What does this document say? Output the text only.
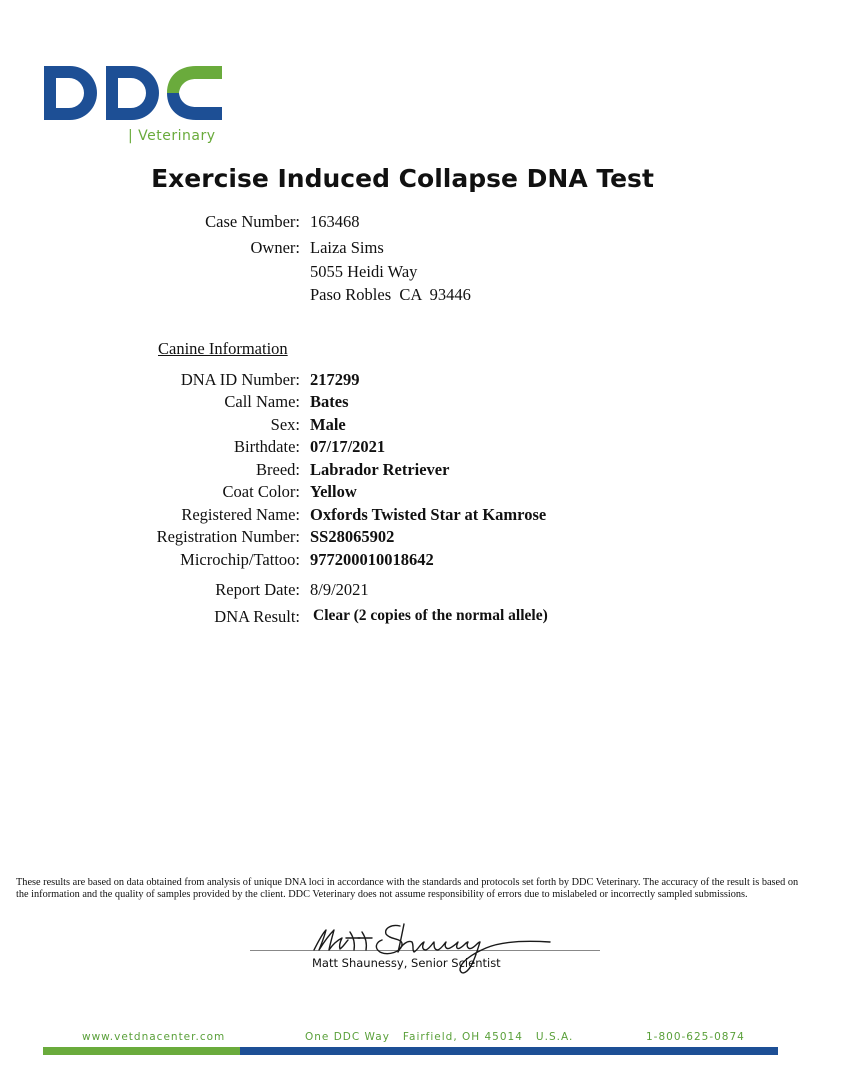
| Veterinary
Exercise Induced Collapse DNA Test
Case Number: 163468
Owner: Laiza Sims
5055 Heidi Way
Paso Robles  CA  93446
Canine Information
DNA ID Number: 217299
Call Name: Bates
Sex: Male
Birthdate: 07/17/2021
Breed: Labrador Retriever
Coat Color: Yellow
Registered Name: Oxfords Twisted Star at Kamrose
Registration Number: SS28065902
Microchip/Tattoo: 977200010018642
Report Date: 8/9/2021
DNA Result: Clear (2 copies of the normal allele)
These results are based on data obtained from analysis of unique DNA loci in accordance with the standards and protocols set forth by DDC Veterinary. The accuracy of the result is based on the information and the quality of samples provided by the client. DDC Veterinary does not assume responsibility of errors due to mislabeled or incorrectly sampled submissions.
Matt Shaunessy, Senior Scientist
www.vetdnacenter.com	One DDC Way   Fairfield, OH 45014   U.S.A.	1-800-625-0874
